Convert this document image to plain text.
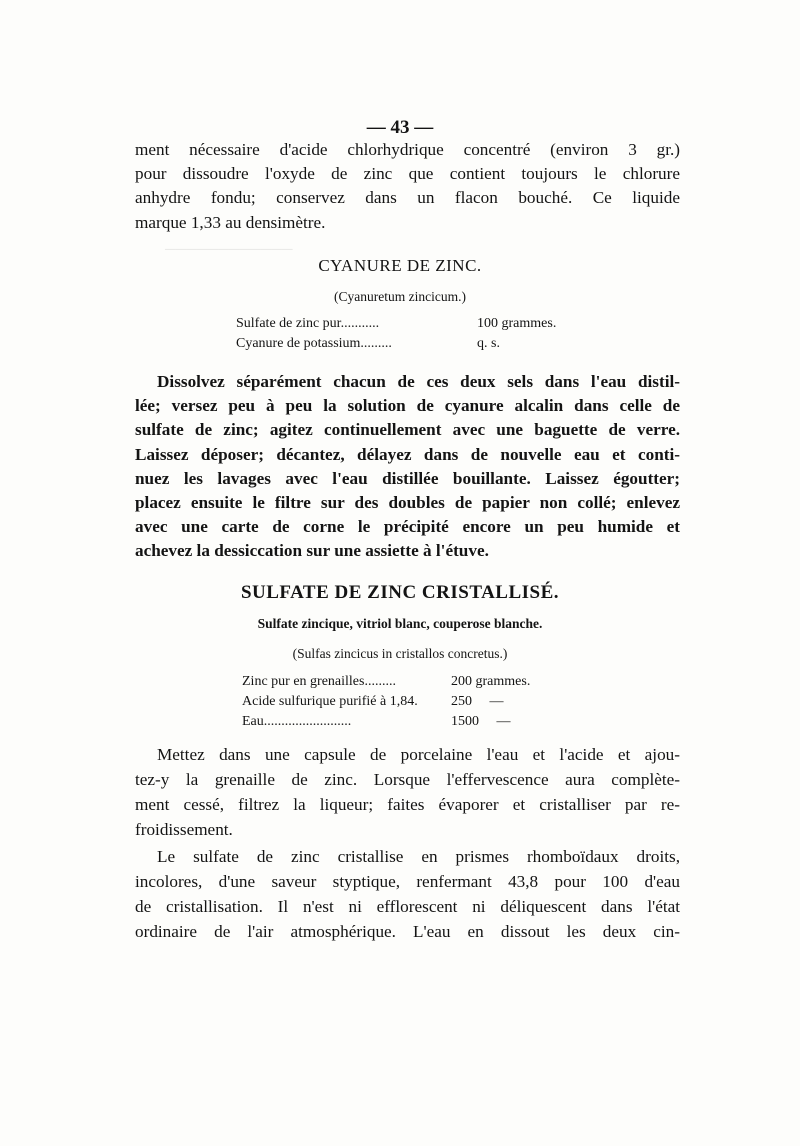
────────────
— 43 —

ment nécessaire d'acide chlorhydrique concentré (environ 3 gr.)
pour dissoudre l'oxyde de zinc que contient toujours le chlorure
anhydre fondu; conservez dans un flacon bouché. Ce liquide
marque 1,33 au densimètre.

CYANURE DE ZINC.
(Cyanuretum zincicum.)
Sulfate de zinc pur...........	100 grammes.
Cyanure de potassium.........	q. s.

Dissolvez séparément chacun de ces deux sels dans l'eau distil-
lée; versez peu à peu la solution de cyanure alcalin dans celle de
sulfate de zinc; agitez continuellement avec une baguette de verre.
Laissez déposer; décantez, délayez dans de nouvelle eau et conti-
nuez les lavages avec l'eau distillée bouillante. Laissez égoutter;
placez ensuite le filtre sur des doubles de papier non collé; enlevez
avec une carte de corne le précipité encore un peu humide et
achevez la dessiccation sur une assiette à l'étuve.

SULFATE DE ZINC CRISTALLISÉ.
Sulfate zincique, vitriol blanc, couperose blanche.
(Sulfas zincicus in cristallos concretus.)
Zinc pur en grenailles.........	200 grammes.
Acide sulfurique purifié à 1,84. 250     —
Eau.........................	1500     —

Mettez dans une capsule de porcelaine l'eau et l'acide et ajou-
tez-y la grenaille de zinc. Lorsque l'effervescence aura complète-
ment cessé, filtrez la liqueur; faites évaporer et cristalliser par re-
froidissement.

Le sulfate de zinc cristallise en prismes rhomboïdaux droits,
incolores, d'une saveur styptique, renfermant 43,8 pour 100 d'eau
de cristallisation. Il n'est ni efflorescent ni déliquescent dans l'état
ordinaire de l'air atmosphérique. L'eau en dissout les deux cin-
